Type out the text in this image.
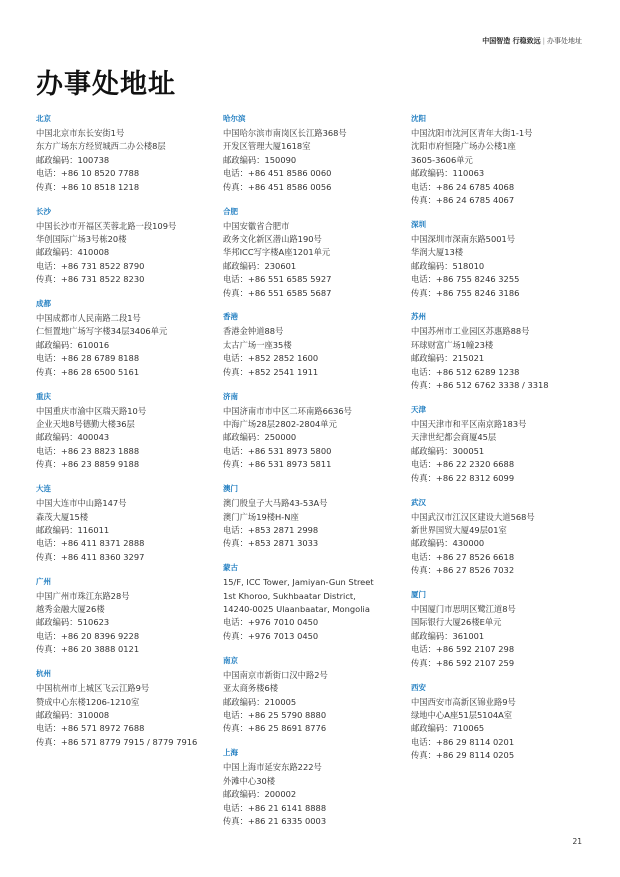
中国智造 行稳致远 | 办事处地址
办事处地址
北京
中国北京市东长安街1号
东方广场东方经贸城西二办公楼8层
邮政编码：100738
电话：+86 10 8520 7788
传真：+86 10 8518 1218
长沙
中国长沙市开福区芙蓉北路一段109号
华创国际广场3号栋20楼
邮政编码：410008
电话：+86 731 8522 8790
传真：+86 731 8522 8230
成都
中国成都市人民南路二段1号
仁恒置地广场写字楼34层3406单元
邮政编码：610016
电话：+86 28 6789 8188
传真：+86 28 6500 5161
重庆
中国重庆市渝中区瑞天路10号
企业天地8号德勤大楼36层
邮政编码：400043
电话：+86 23 8823 1888
传真：+86 23 8859 9188
大连
中国大连市中山路147号
森茂大厦15楼
邮政编码：116011
电话：+86 411 8371 2888
传真：+86 411 8360 3297
广州
中国广州市珠江东路28号
越秀金融大厦26楼
邮政编码：510623
电话：+86 20 8396 9228
传真：+86 20 3888 0121
杭州
中国杭州市上城区飞云江路9号
赞成中心东楼1206-1210室
邮政编码：310008
电话：+86 571 8972 7688
传真：+86 571 8779 7915 / 8779 7916
哈尔滨
中国哈尔滨市南岗区长江路368号
开发区管理大厦1618室
邮政编码：150090
电话：+86 451 8586 0060
传真：+86 451 8586 0056
合肥
中国安徽省合肥市
政务文化新区潜山路190号
华邦ICC写字楼A座1201单元
邮政编码：230601
电话：+86 551 6585 5927
传真：+86 551 6585 5687
香港
香港金钟道88号
太古广场一座35楼
电话：+852 2852 1600
传真：+852 2541 1911
济南
中国济南市市中区二环南路6636号
中海广场28层2802-2804单元
邮政编码：250000
电话：+86 531 8973 5800
传真：+86 531 8973 5811
澳门
澳门殷皇子大马路43-53A号
澳门广场19楼H-N座
电话：+853 2871 2998
传真：+853 2871 3033
蒙古
15/F, ICC Tower, Jamiyan-Gun Street
1st Khoroo, Sukhbaatar District,
14240-0025 Ulaanbaatar, Mongolia
电话：+976 7010 0450
传真：+976 7013 0450
南京
中国南京市新街口汉中路2号
亚太商务楼6楼
邮政编码：210005
电话：+86 25 5790 8880
传真：+86 25 8691 8776
上海
中国上海市延安东路222号
外滩中心30楼
邮政编码：200002
电话：+86 21 6141 8888
传真：+86 21 6335 0003
沈阳
中国沈阳市沈河区青年大街1-1号
沈阳市府恒隆广场办公楼1座
3605-3606单元
邮政编码：110063
电话：+86 24 6785 4068
传真：+86 24 6785 4067
深圳
中国深圳市深南东路5001号
华润大厦13楼
邮政编码：518010
电话：+86 755 8246 3255
传真：+86 755 8246 3186
苏州
中国苏州市工业园区苏惠路88号
环球财富广场1幢23楼
邮政编码：215021
电话：+86 512 6289 1238
传真：+86 512 6762 3338 / 3318
天津
中国天津市和平区南京路183号
天津世纪都会商厦45层
邮政编码：300051
电话：+86 22 2320 6688
传真：+86 22 8312 6099
武汉
中国武汉市江汉区建设大道568号
新世界国贸大厦49层01室
邮政编码：430000
电话：+86 27 8526 6618
传真：+86 27 8526 7032
厦门
中国厦门市思明区鹭江道8号
国际银行大厦26楼E单元
邮政编码：361001
电话：+86 592 2107 298
传真：+86 592 2107 259
西安
中国西安市高新区锦业路9号
绿地中心A座51层5104A室
邮政编码：710065
电话：+86 29 8114 0201
传真：+86 29 8114 0205
21
